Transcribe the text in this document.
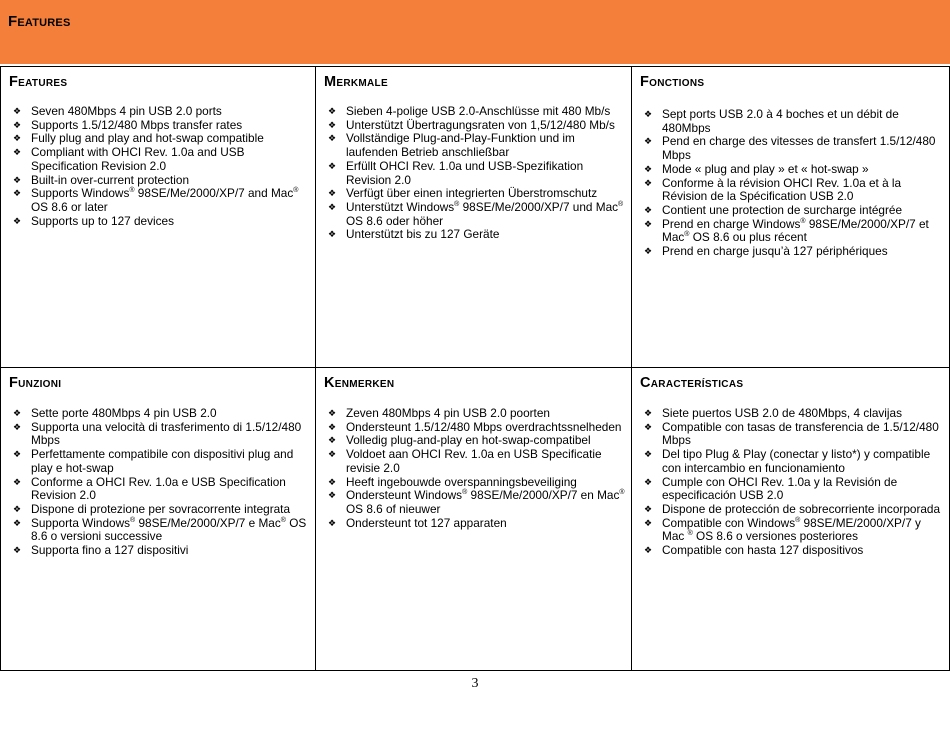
Features
Features
❖ Seven 480Mbps 4 pin USB 2.0 ports
❖ Supports 1.5/12/480 Mbps transfer rates
❖ Fully plug and play and hot-swap compatible
❖ Compliant with OHCI Rev. 1.0a and USB Specification Revision 2.0
❖ Built-in over-current protection
❖ Supports Windows® 98SE/Me/2000/XP/7 and Mac® OS 8.6 or later
❖ Supports up to 127 devices
Merkmale
❖ Sieben 4-polige USB 2.0-Anschlüsse mit 480 Mb/s
❖ Unterstützt Übertragungsraten von 1,5/12/480 Mb/s
❖ Vollständige Plug-and-Play-Funktion und im laufenden Betrieb anschließbar
❖ Erfüllt OHCI Rev. 1.0a und USB-Spezifikation Revision 2.0
❖ Verfügt über einen integrierten Überstromschutz
❖ Unterstützt Windows® 98SE/Me/2000/XP/7 und Mac® OS 8.6 oder höher
❖ Unterstützt bis zu 127 Geräte
Fonctions
❖ Sept ports USB 2.0 à 4 boches et un débit de 480Mbps
❖ Pend en charge des vitesses de transfert 1.5/12/480 Mbps
❖ Mode « plug and play » et « hot-swap »
❖ Conforme à la révision OHCI Rev. 1.0a et à la Révision de la Spécification USB 2.0
❖ Contient une protection de surcharge intégrée
❖ Prend en charge Windows® 98SE/Me/2000/XP/7 et Mac® OS 8.6 ou plus récent
❖ Prend en charge jusqu’à 127 périphériques
Funzioni
❖ Sette porte 480Mbps 4 pin USB 2.0
❖ Supporta una velocità di trasferimento di 1.5/12/480 Mbps
❖ Perfettamente compatibile con dispositivi plug and play e hot-swap
❖ Conforme a OHCI Rev. 1.0a e USB Specification Revision 2.0
❖ Dispone di protezione per sovracorrente integrata
❖ Supporta Windows® 98SE/Me/2000/XP/7 e Mac® OS 8.6 o versioni successive
❖ Supporta fino a 127 dispositivi
Kenmerken
❖ Zeven 480Mbps 4 pin USB 2.0 poorten
❖ Ondersteunt 1.5/12/480 Mbps overdrachtssnelheden
❖ Volledig plug-and-play en hot-swap-compatibel
❖ Voldoet aan OHCI Rev. 1.0a en USB Specificatie revisie 2.0
❖ Heeft ingebouwde overspanningsbeveiliging
❖ Ondersteunt Windows® 98SE/Me/2000/XP/7 en Mac® OS 8.6 of nieuwer
❖ Ondersteunt tot 127 apparaten
Características
❖ Siete puertos USB 2.0 de 480Mbps, 4 clavijas
❖ Compatible con tasas de transferencia de 1.5/12/480 Mbps
❖ Del tipo Plug & Play (conectar y listo*) y compatible con intercambio en funcionamiento
❖ Cumple con OHCI Rev. 1.0a y la Revisión de especificación USB 2.0
❖ Dispone de protección de sobrecorriente incorporada
❖ Compatible con Windows® 98SE/ME/2000/XP/7 y Mac ® OS 8.6 o versiones posteriores
❖ Compatible con hasta 127 dispositivos
3
